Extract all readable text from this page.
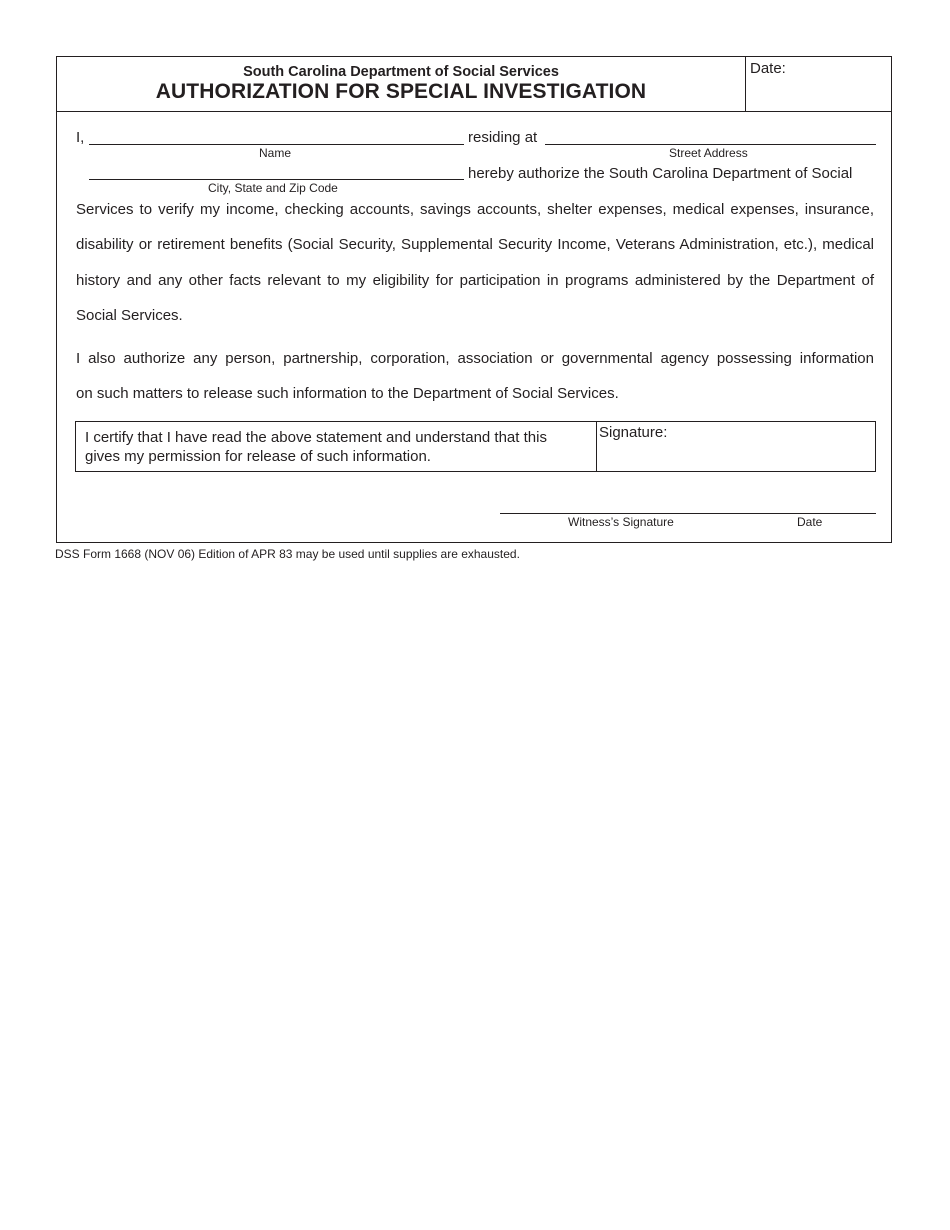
South Carolina Department of Social Services
AUTHORIZATION FOR SPECIAL INVESTIGATION
Date:
I,
Name
residing at
Street Address
City, State and Zip Code
hereby authorize the South Carolina Department of Social
Services to verify my income, checking accounts, savings accounts, shelter expenses, medical expenses, insurance,
disability or retirement benefits (Social Security, Supplemental Security Income, Veterans Administration, etc.), medical
history and any other facts relevant to my eligibility for participation in programs administered by the Department of
Social Services.
I also authorize any person, partnership, corporation, association or governmental agency possessing information
on such matters to release such information to the Department of Social Services.
I certify that I have read the above statement and understand that this gives my permission for release of such information.
Signature:
Witness’s Signature	Date
DSS Form 1668 (NOV 06) Edition of APR 83 may be used until supplies are exhausted.
